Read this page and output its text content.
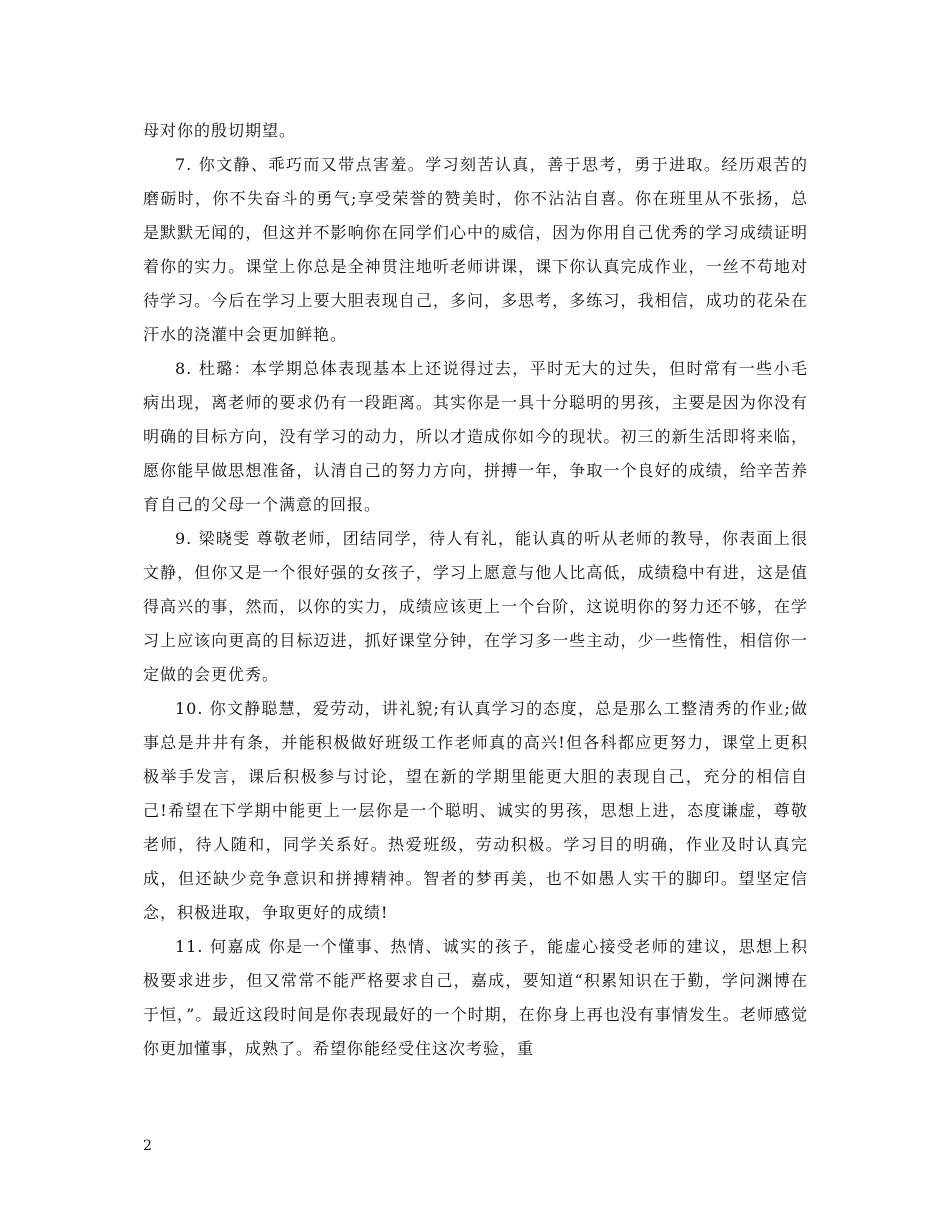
母对你的殷切期望。

7. 你文静、乖巧而又带点害羞。学习刻苦认真，善于思考，勇于进取。经历艰苦的磨砺时，你不失奋斗的勇气;享受荣誉的赞美时，你不沾沾自喜。你在班里从不张扬，总是默默无闻的，但这并不影响你在同学们心中的威信，因为你用自己优秀的学习成绩证明着你的实力。课堂上你总是全神贯注地听老师讲课，课下你认真完成作业，一丝不苟地对待学习。今后在学习上要大胆表现自己，多问，多思考，多练习，我相信，成功的花朵在汗水的浇灌中会更加鲜艳。

8. 杜璐：本学期总体表现基本上还说得过去，平时无大的过失，但时常有一些小毛病出现，离老师的要求仍有一段距离。其实你是一具十分聪明的男孩，主要是因为你没有明确的目标方向，没有学习的动力，所以才造成你如今的现状。初三的新生活即将来临，愿你能早做思想准备，认清自己的努力方向，拼搏一年，争取一个良好的成绩，给辛苦养育自己的父母一个满意的回报。

9. 梁晓雯 尊敬老师，团结同学，待人有礼，能认真的听从老师的教导，你表面上很文静，但你又是一个很好强的女孩子，学习上愿意与他人比高低，成绩稳中有进，这是值得高兴的事，然而，以你的实力，成绩应该更上一个台阶，这说明你的努力还不够，在学习上应该向更高的目标迈进，抓好课堂分钟，在学习多一些主动，少一些惰性，相信你一定做的会更优秀。

10. 你文静聪慧，爱劳动，讲礼貌;有认真学习的态度，总是那么工整清秀的作业;做事总是井井有条，并能积极做好班级工作老师真的高兴!但各科都应更努力，课堂上更积极举手发言，课后积极参与讨论，望在新的学期里能更大胆的表现自己，充分的相信自己!希望在下学期中能更上一层你是一个聪明、诚实的男孩，思想上进，态度谦虚，尊敬老师，待人随和，同学关系好。热爱班级，劳动积极。学习目的明确，作业及时认真完成，但还缺少竞争意识和拼搏精神。智者的梦再美，也不如愚人实干的脚印。望坚定信念，积极进取，争取更好的成绩!

11. 何嘉成 你是一个懂事、热情、诚实的孩子，能虚心接受老师的建议，思想上积极要求进步，但又常常不能严格要求自己，嘉成，要知道“积累知识在于勤，学问渊博在于恒，”。最近这段时间是你表现最好的一个时期，在你身上再也没有事情发生。老师感觉你更加懂事，成熟了。希望你能经受住这次考验，重

2
